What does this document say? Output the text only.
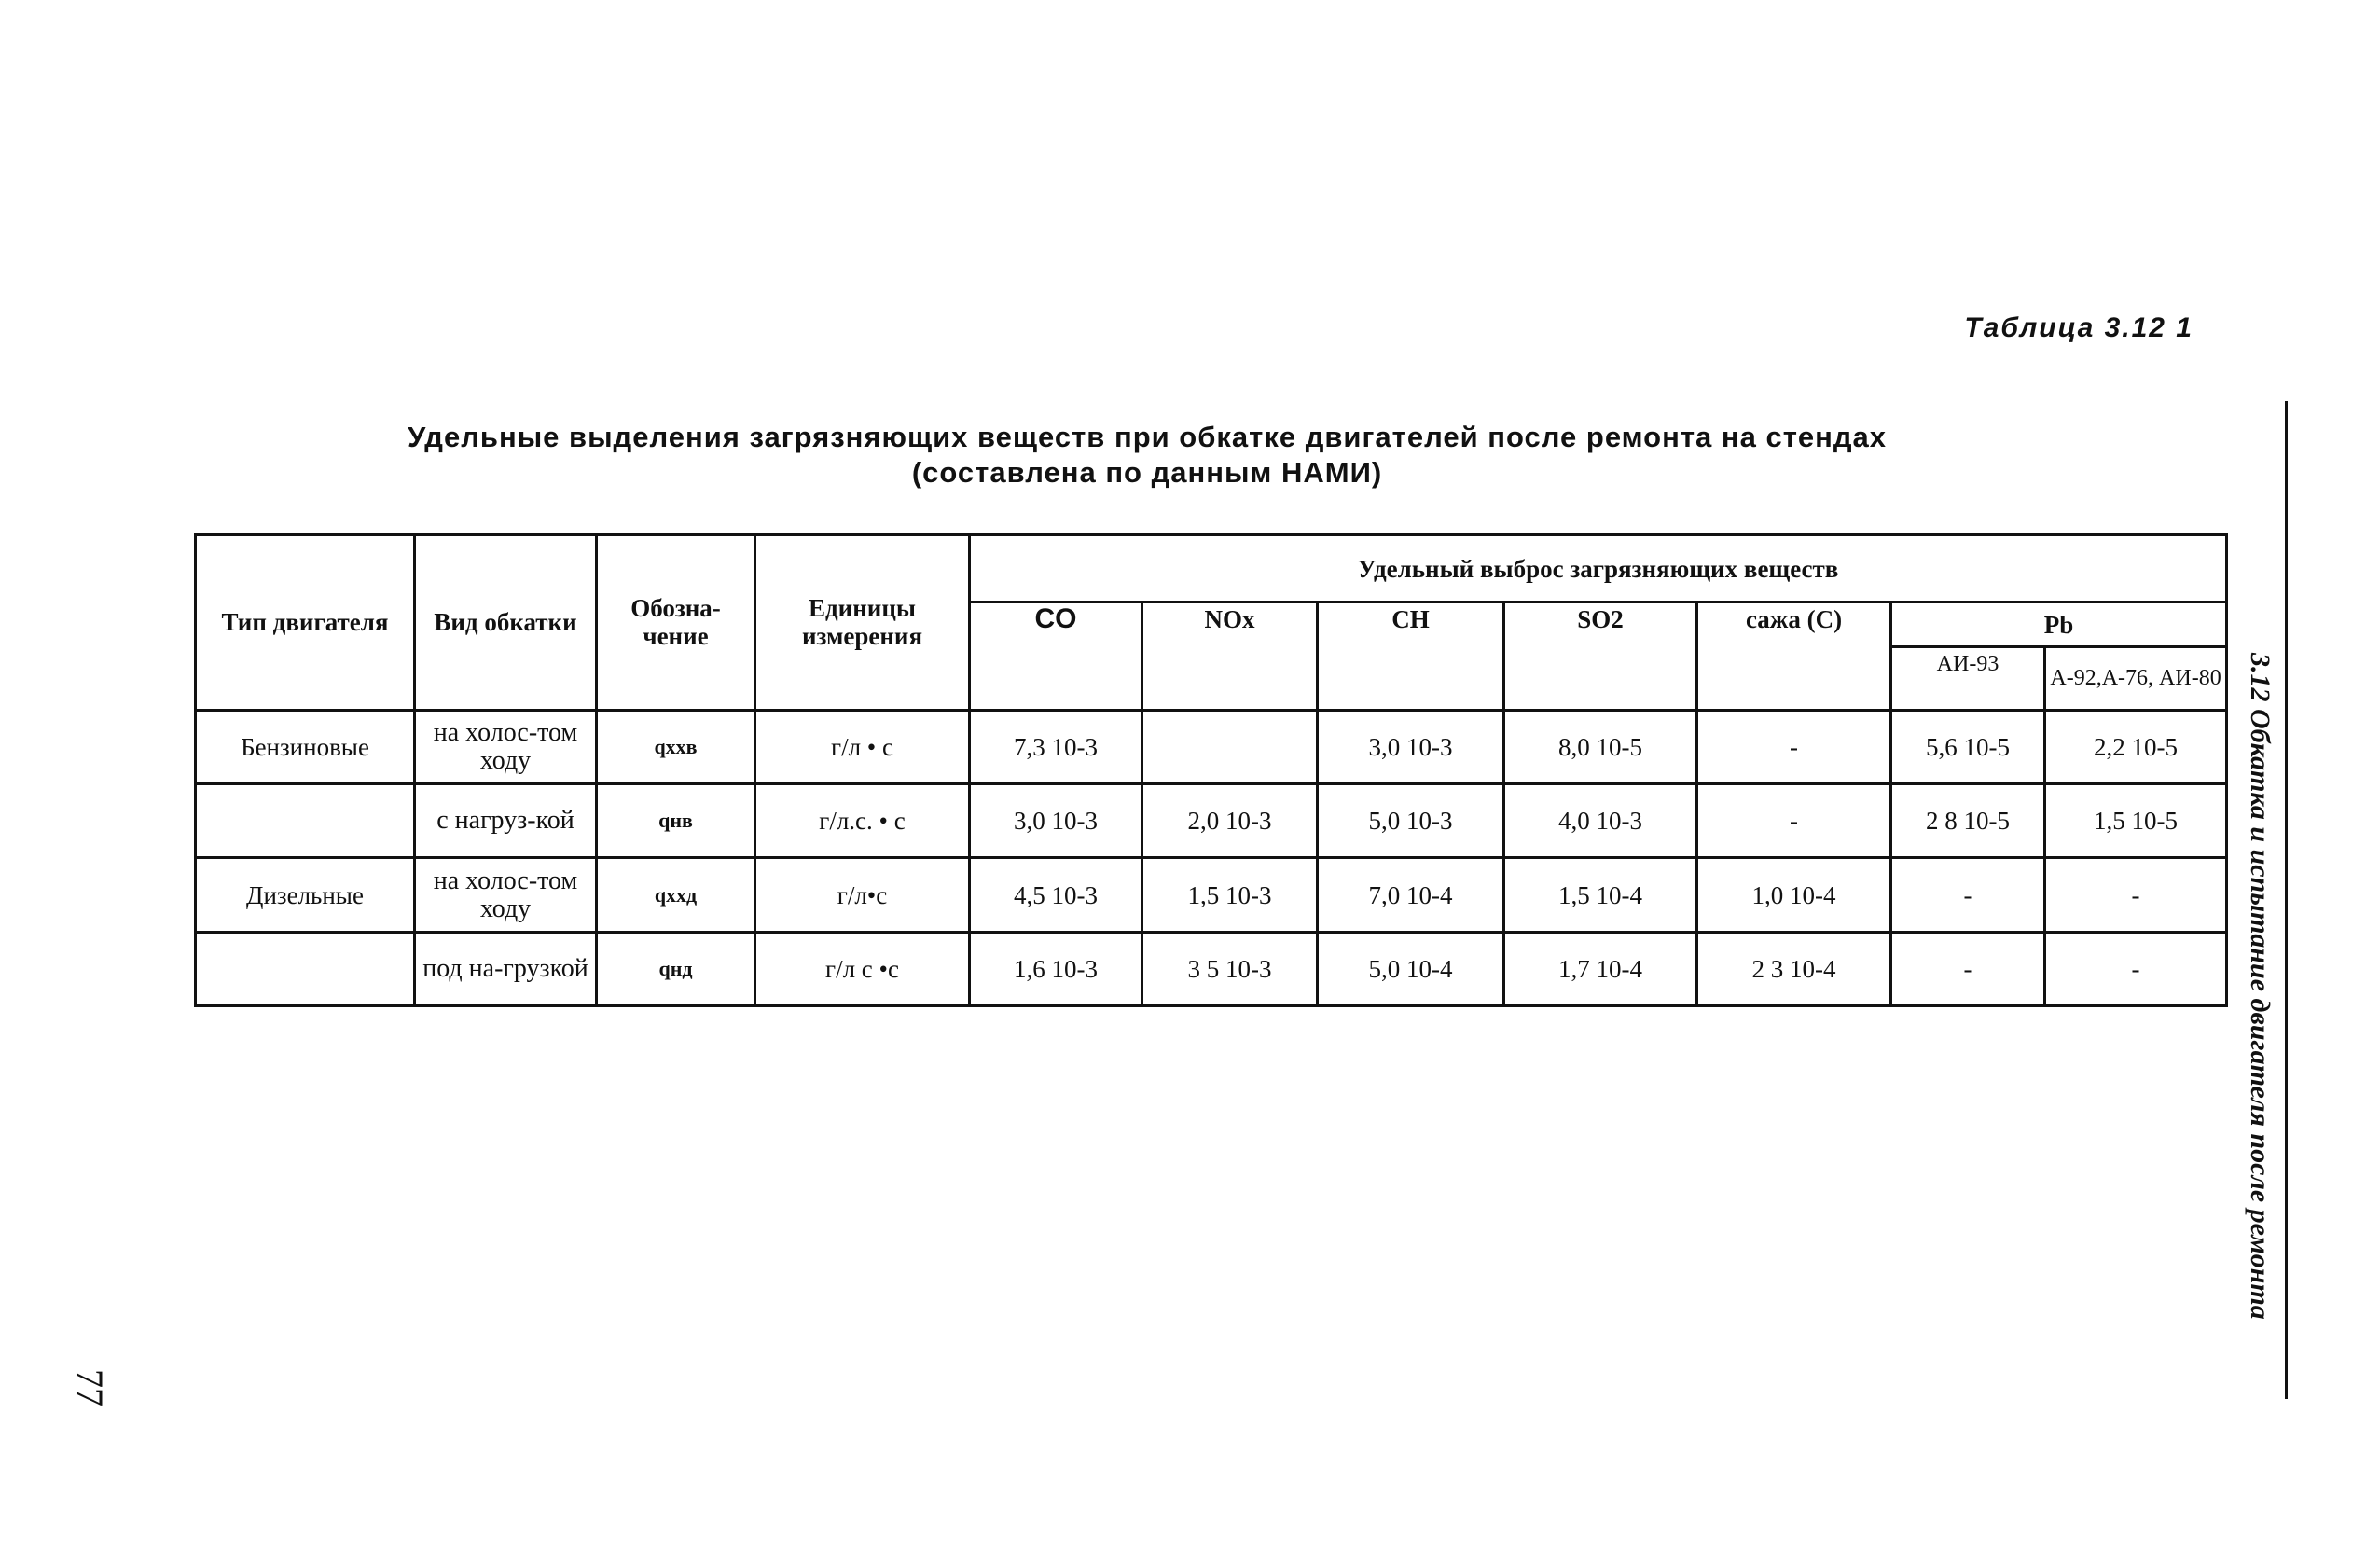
Таблица 3.12 1
Удельные выделения загрязняющих веществ при обкатке двигателей после ремонта на стендах
(составлена по данным НАМИ)
Тип двигателя	Вид обкатки	Обозна-чение	Единицы измерения	Удельный выброс загрязняющих веществ						
				CO	NOx	CH	SO2	сажа (C)	Pb	
									АИ-93	А-92,А-76, АИ-80
Бензиновые	на холос-том ходу	qххв	г/л • с	7,3 10-3		3,0 10-3	8,0 10-5	-	5,6 10-5	2,2 10-5
	с нагруз-кой	qнв	г/л.с. • с	3,0 10-3	2,0 10-3	5,0 10-3	4,0 10-3	-	2 8 10-5	1,5 10-5
Дизельные	на холос-том ходу	qххд	г/л•с	4,5 10-3	1,5 10-3	7,0 10-4	1,5 10-4	1,0 10-4	-	-
	под на-грузкой	qнд	г/л с •с	1,6 10-3	3 5 10-3	5,0 10-4	1,7 10-4	2 3 10-4	-	-
77
3.12 Обкатка и испытание двигателя после ремонта
